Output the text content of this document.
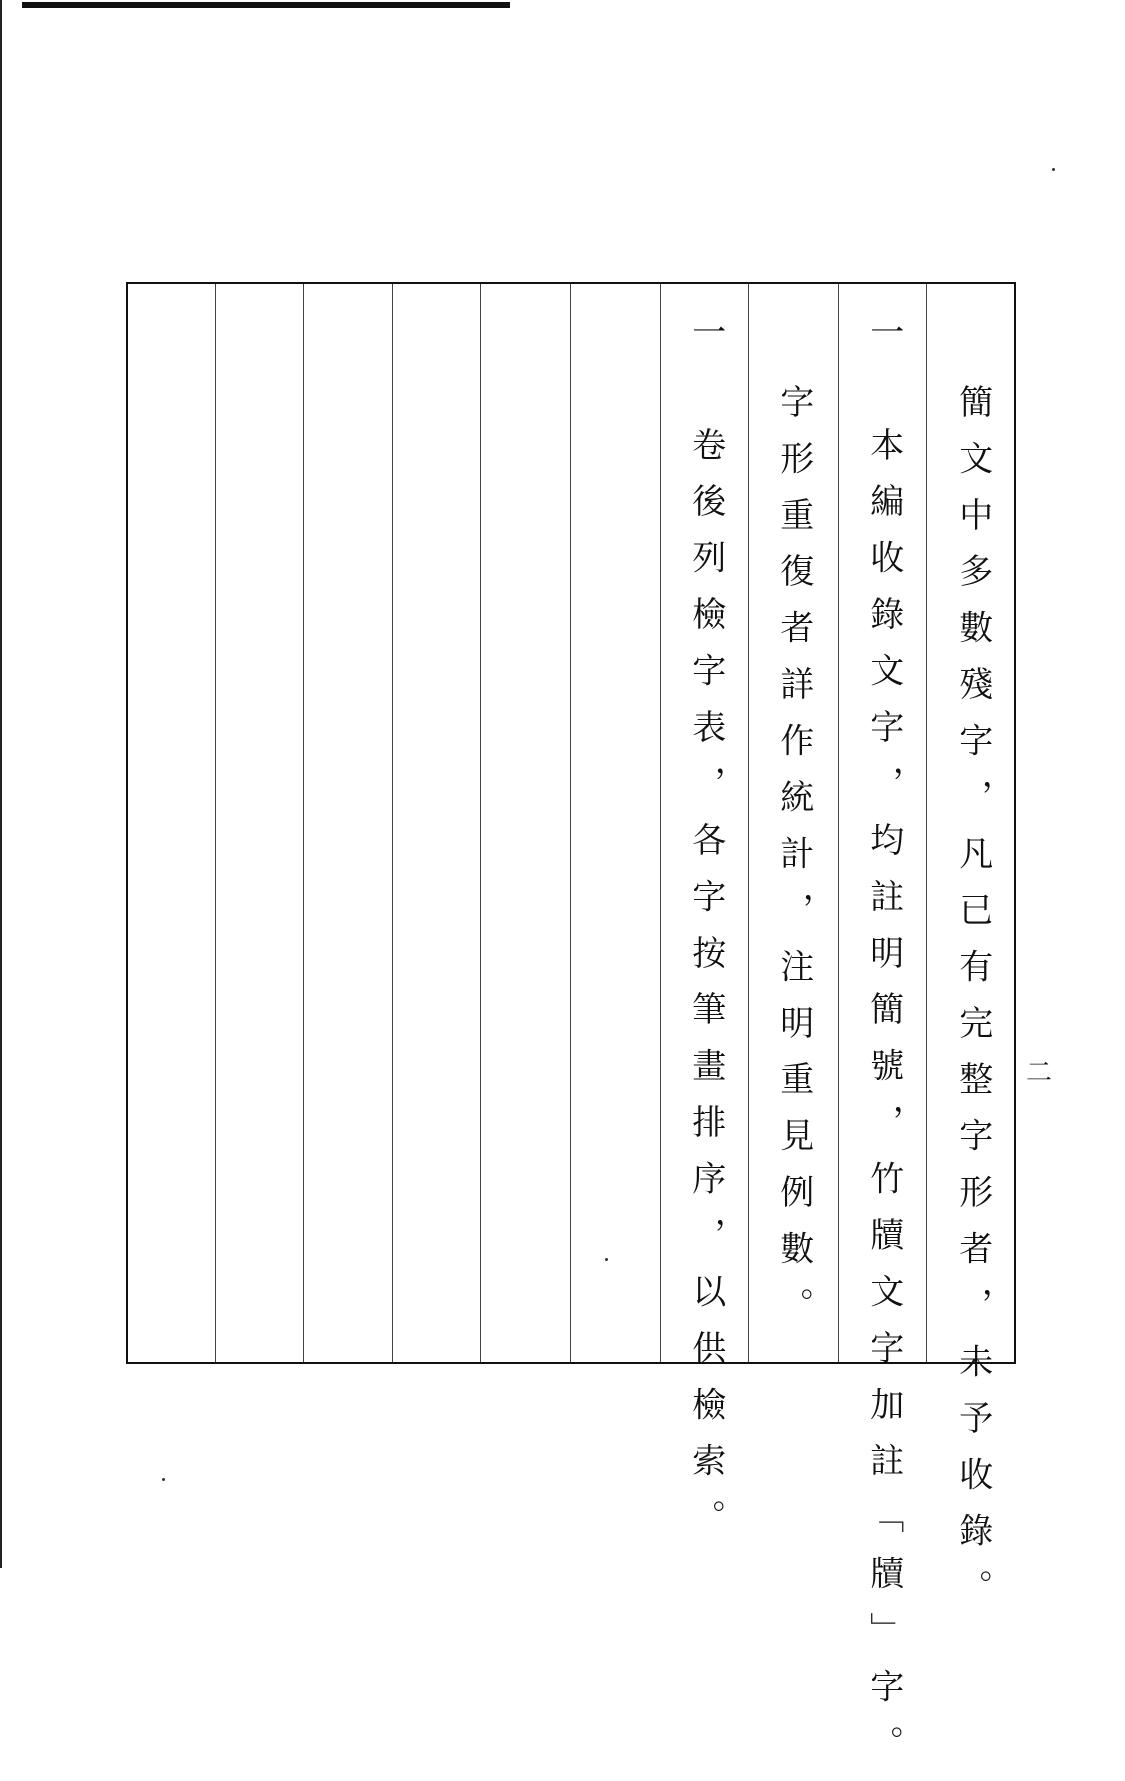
簡文中多數殘字，凡已有完整字形者，未予收錄。
一　本編收錄文字，均註明簡號，竹牘文字加註「牘」字。
字形重復者詳作統計，注明重見例數。
一　卷後列檢字表，各字按筆畫排序，以供檢索。	二
